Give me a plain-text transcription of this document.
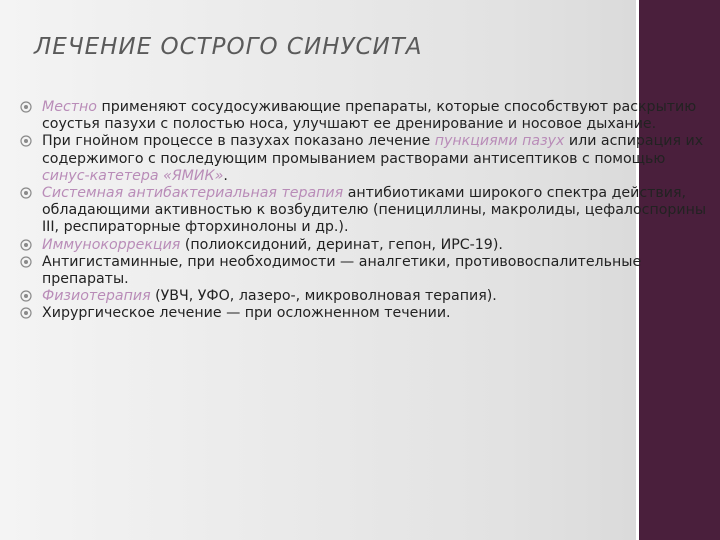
ЛЕЧЕНИЕ ОСТРОГО СИНУСИТА
Местно применяют сосудосуживающие препараты, которые способствуют раскрытию соустья пазухи с полостью носа, улучшают ее дренирование и носовое дыхание.
При гнойном процессе в пазухах показано лечение пункциями пазух или аспирация их содержимого с последующим промыванием растворами антисептиков с помощью синус-катетера «ЯМИК».
Системная антибактериальная терапия антибиотиками широкого спектра действия, обладающими активностью к возбудителю (пенициллины, макролиды, цефалоспорины III, респираторные фторхинолоны и др.).
Иммунокоррекция (полиоксидоний, деринат, гепон, ИРС-19).
Антигистаминные, при необходимости — аналгетики, противовоспалительные препараты.
Физиотерапия (УВЧ, УФО, лазеро-, микроволновая терапия).
Хирургическое лечение — при осложненном течении.
